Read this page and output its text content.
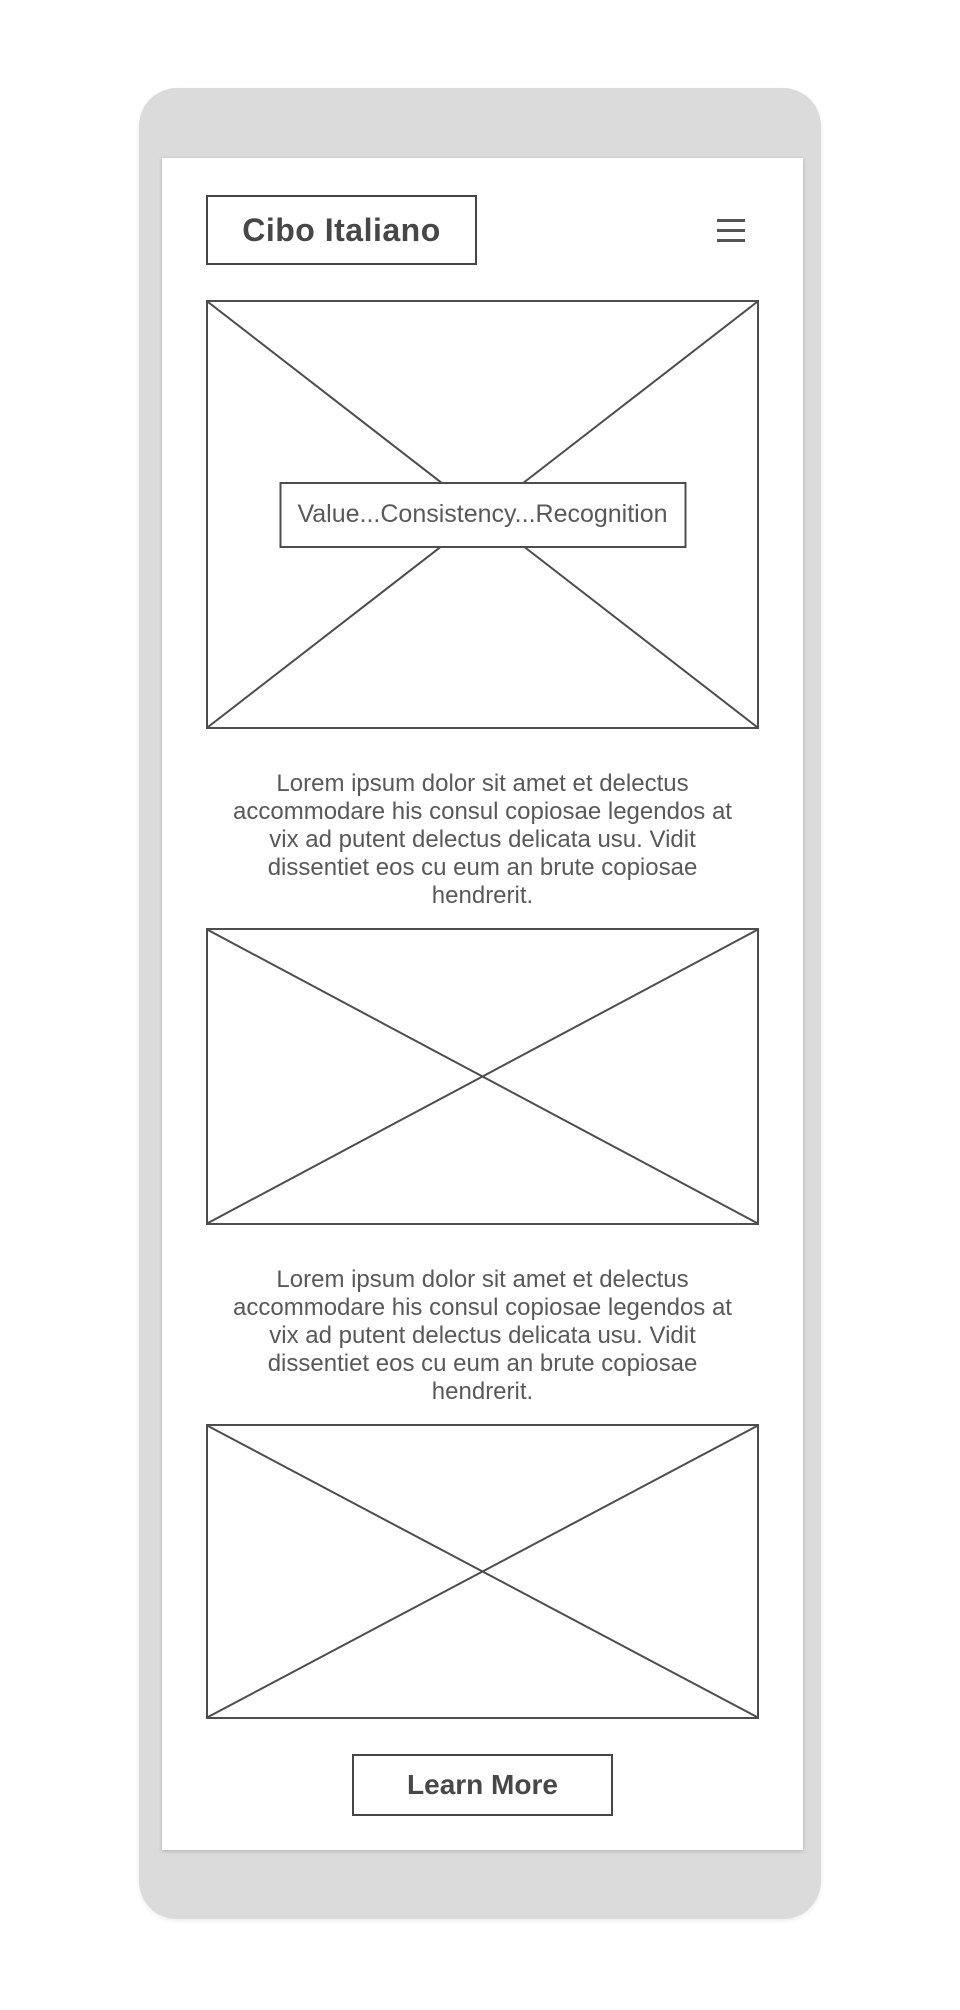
Cibo Italiano
Value...Consistency...Recognition

Lorem ipsum dolor sit amet et delectus accommodare his consul copiosae legendos at vix ad putent delectus delicata usu. Vidit dissentiet eos cu eum an brute copiosae hendrerit.

Lorem ipsum dolor sit amet et delectus accommodare his consul copiosae legendos at vix ad putent delectus delicata usu. Vidit dissentiet eos cu eum an brute copiosae hendrerit.

Learn More
